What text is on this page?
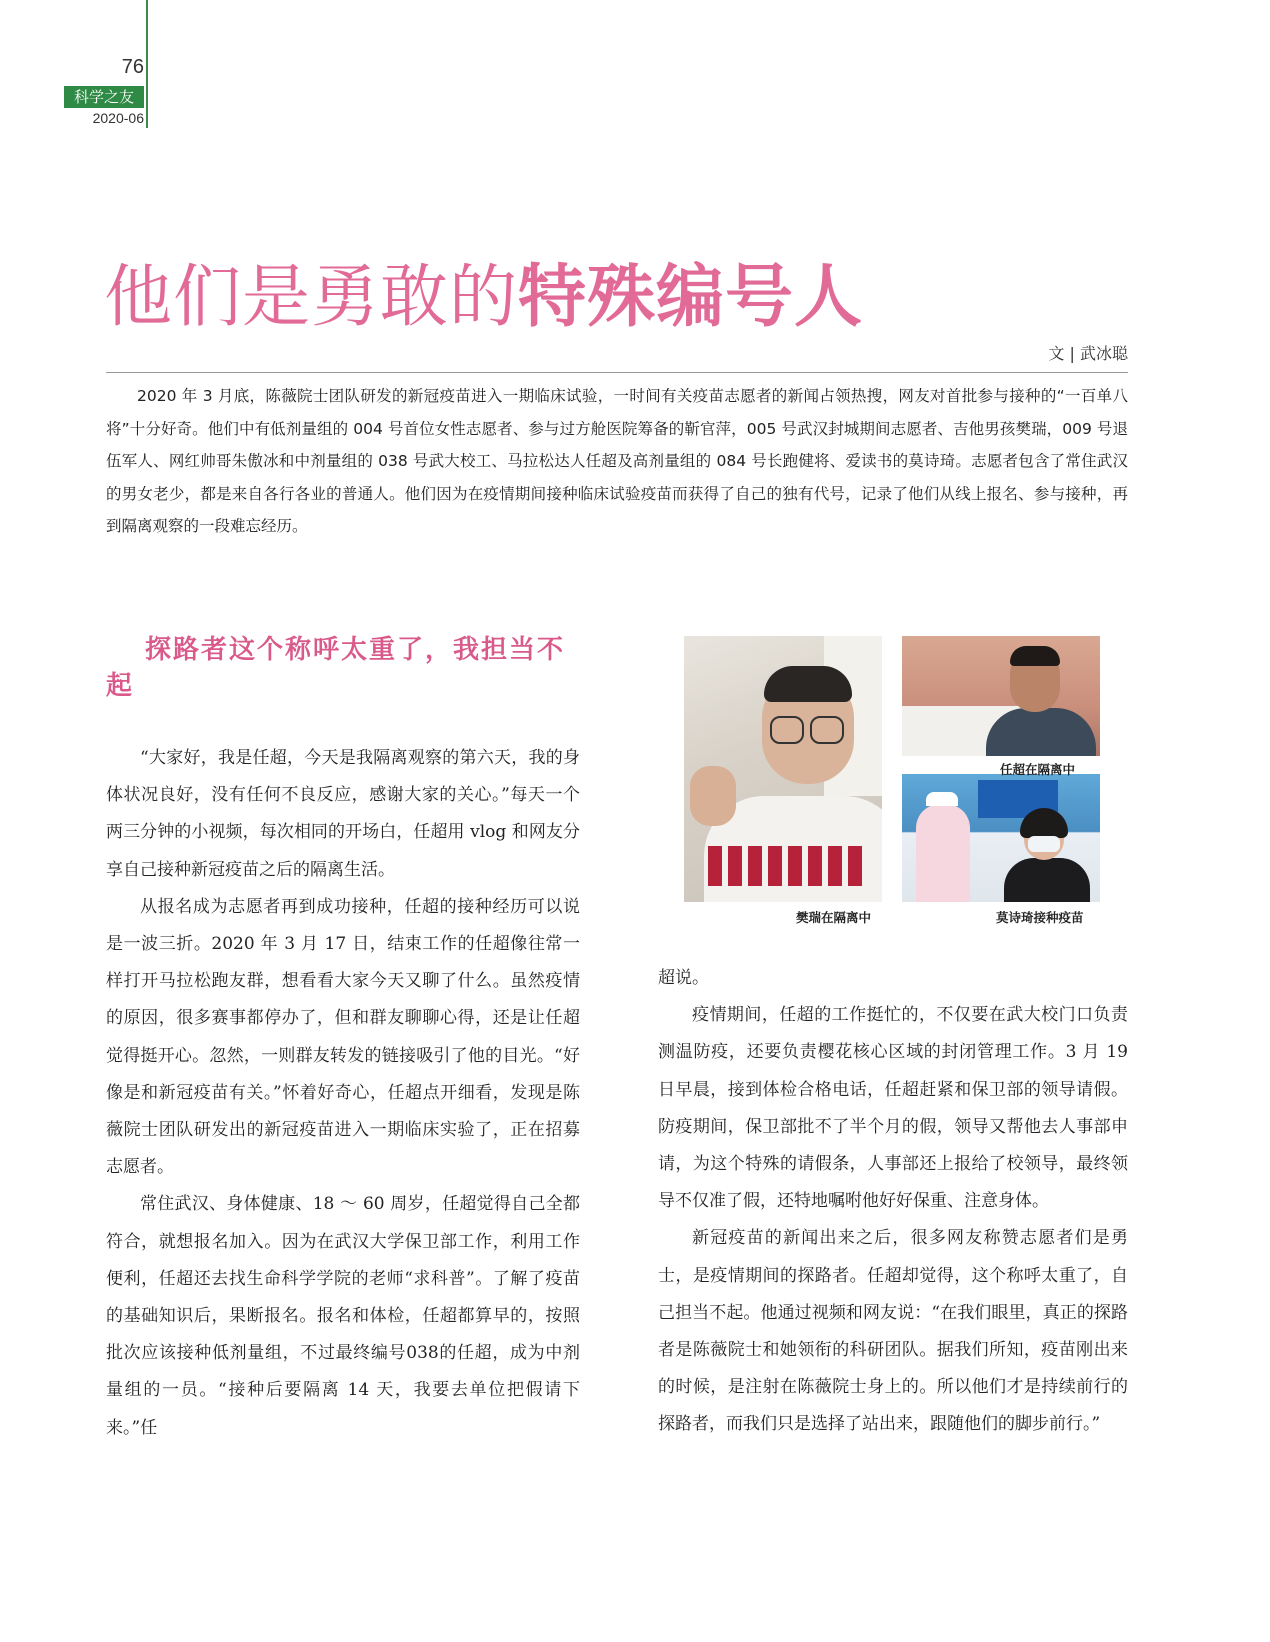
76
科学之友
2020-06
他们是勇敢的特殊编号人
文 | 武冰聪

2020 年 3 月底，陈薇院士团队研发的新冠疫苗进入一期临床试验，一时间有关疫苗志愿者的新闻占领热搜，网友对首批参与接种的“一百单八将”十分好奇。他们中有低剂量组的 004 号首位女性志愿者、参与过方舱医院筹备的靳官萍，005 号武汉封城期间志愿者、吉他男孩樊瑞，009 号退伍军人、网红帅哥朱傲冰和中剂量组的 038 号武大校工、马拉松达人任超及高剂量组的 084 号长跑健将、爱读书的莫诗琦。志愿者包含了常住武汉的男女老少，都是来自各行各业的普通人。他们因为在疫情期间接种临床试验疫苗而获得了自己的独有代号，记录了他们从线上报名、参与接种，再到隔离观察的一段难忘经历。

探路者这个称呼太重了，我担当不起

“大家好，我是任超，今天是我隔离观察的第六天，我的身体状况良好，没有任何不良反应，感谢大家的关心。”每天一个两三分钟的小视频，每次相同的开场白，任超用 vlog 和网友分享自己接种新冠疫苗之后的隔离生活。

从报名成为志愿者再到成功接种，任超的接种经历可以说是一波三折。2020 年 3 月 17 日，结束工作的任超像往常一样打开马拉松跑友群，想看看大家今天又聊了什么。虽然疫情的原因，很多赛事都停办了，但和群友聊聊心得，还是让任超觉得挺开心。忽然，一则群友转发的链接吸引了他的目光。“好像是和新冠疫苗有关。”怀着好奇心，任超点开细看，发现是陈薇院士团队研发出的新冠疫苗进入一期临床实验了，正在招募志愿者。

常住武汉、身体健康、18 ～ 60 周岁，任超觉得自己全都符合，就想报名加入。因为在武汉大学保卫部工作，利用工作便利，任超还去找生命科学学院的老师“求科普”。了解了疫苗的基础知识后，果断报名。报名和体检，任超都算早的，按照批次应该接种低剂量组，不过最终编号038的任超，成为中剂量组的一员。“接种后要隔离 14 天，我要去单位把假请下来。”任

樊瑞在隔离中
任超在隔离中
莫诗琦接种疫苗

超说。

疫情期间，任超的工作挺忙的，不仅要在武大校门口负责测温防疫，还要负责樱花核心区域的封闭管理工作。3 月 19 日早晨，接到体检合格电话，任超赶紧和保卫部的领导请假。防疫期间，保卫部批不了半个月的假，领导又帮他去人事部申请，为这个特殊的请假条，人事部还上报给了校领导，最终领导不仅准了假，还特地嘱咐他好好保重、注意身体。

新冠疫苗的新闻出来之后，很多网友称赞志愿者们是勇士，是疫情期间的探路者。任超却觉得，这个称呼太重了，自己担当不起。他通过视频和网友说：“在我们眼里，真正的探路者是陈薇院士和她领衔的科研团队。据我们所知，疫苗刚出来的时候，是注射在陈薇院士身上的。所以他们才是持续前行的探路者，而我们只是选择了站出来，跟随他们的脚步前行。”
